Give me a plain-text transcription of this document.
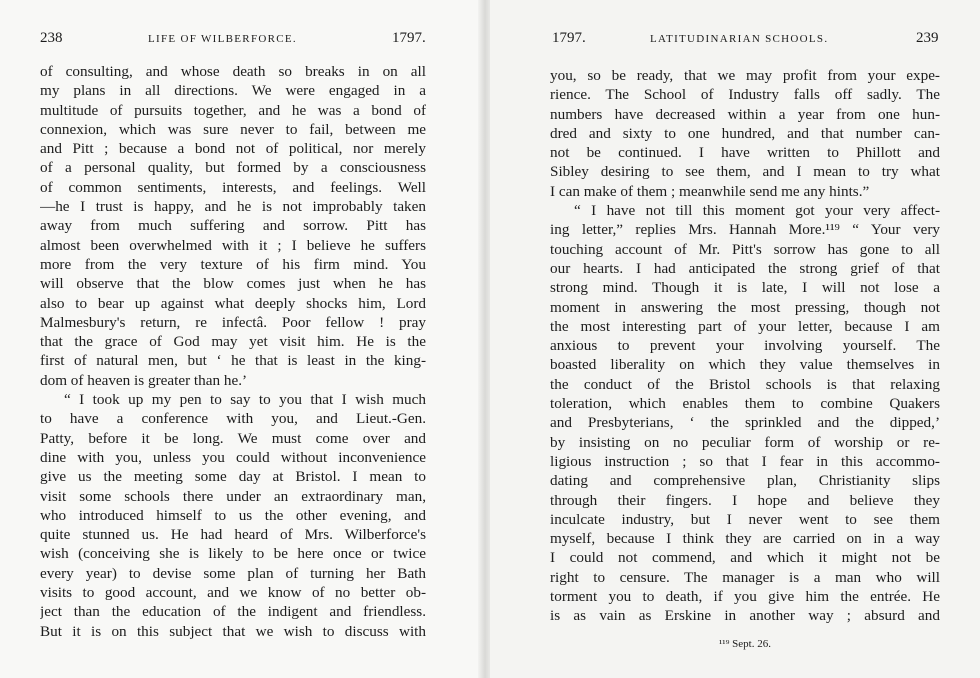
238	LIFE OF WILBERFORCE.	1797.
of consulting, and whose death so breaks in on all
my plans in all directions. We were engaged in a
multitude of pursuits together, and he was a bond of
connexion, which was sure never to fail, between me
and Pitt ; because a bond not of political, nor merely
of a personal quality, but formed by a consciousness
of common sentiments, interests, and feelings. Well
—he I trust is happy, and he is not improbably taken
away from much suffering and sorrow. Pitt has
almost been overwhelmed with it ; I believe he suffers
more from the very texture of his firm mind. You
will observe that the blow comes just when he has
also to bear up against what deeply shocks him, Lord
Malmesbury's return, re infectâ. Poor fellow ! pray
that the grace of God may yet visit him. He is the
first of natural men, but ‘ he that is least in the king-
dom of heaven is greater than he.’
“ I took up my pen to say to you that I wish much
to have a conference with you, and Lieut.-Gen.
Patty, before it be long. We must come over and
dine with you, unless you could without inconvenience
give us the meeting some day at Bristol. I mean to
visit some schools there under an extraordinary man,
who introduced himself to us the other evening, and
quite stunned us. He had heard of Mrs. Wilberforce's
wish (conceiving she is likely to be here once or twice
every year) to devise some plan of turning her Bath
visits to good account, and we know of no better ob-
ject than the education of the indigent and friendless.
But it is on this subject that we wish to discuss with
1797.	LATITUDINARIAN SCHOOLS.	239
you, so be ready, that we may profit from your expe-
rience. The School of Industry falls off sadly. The
numbers have decreased within a year from one hun-
dred and sixty to one hundred, and that number can-
not be continued. I have written to Phillott and
Sibley desiring to see them, and I mean to try what
I can make of them ; meanwhile send me any hints.”
“ I have not till this moment got your very affect-
ing letter,” replies Mrs. Hannah More.¹¹⁹ “ Your very
touching account of Mr. Pitt's sorrow has gone to all
our hearts. I had anticipated the strong grief of that
strong mind. Though it is late, I will not lose a
moment in answering the most pressing, though not
the most interesting part of your letter, because I am
anxious to prevent your involving yourself. The
boasted liberality on which they value themselves in
the conduct of the Bristol schools is that relaxing
toleration, which enables them to combine Quakers
and Presbyterians, ‘ the sprinkled and the dipped,’
by insisting on no peculiar form of worship or re-
ligious instruction ; so that I fear in this accommo-
dating and comprehensive plan, Christianity slips
through their fingers. I hope and believe they
inculcate industry, but I never went to see them
myself, because I think they are carried on in a way
I could not commend, and which it might not be
right to censure. The manager is a man who will
torment you to death, if you give him the entrée. He
is as vain as Erskine in another way ; absurd and
¹¹⁹ Sept. 26.
